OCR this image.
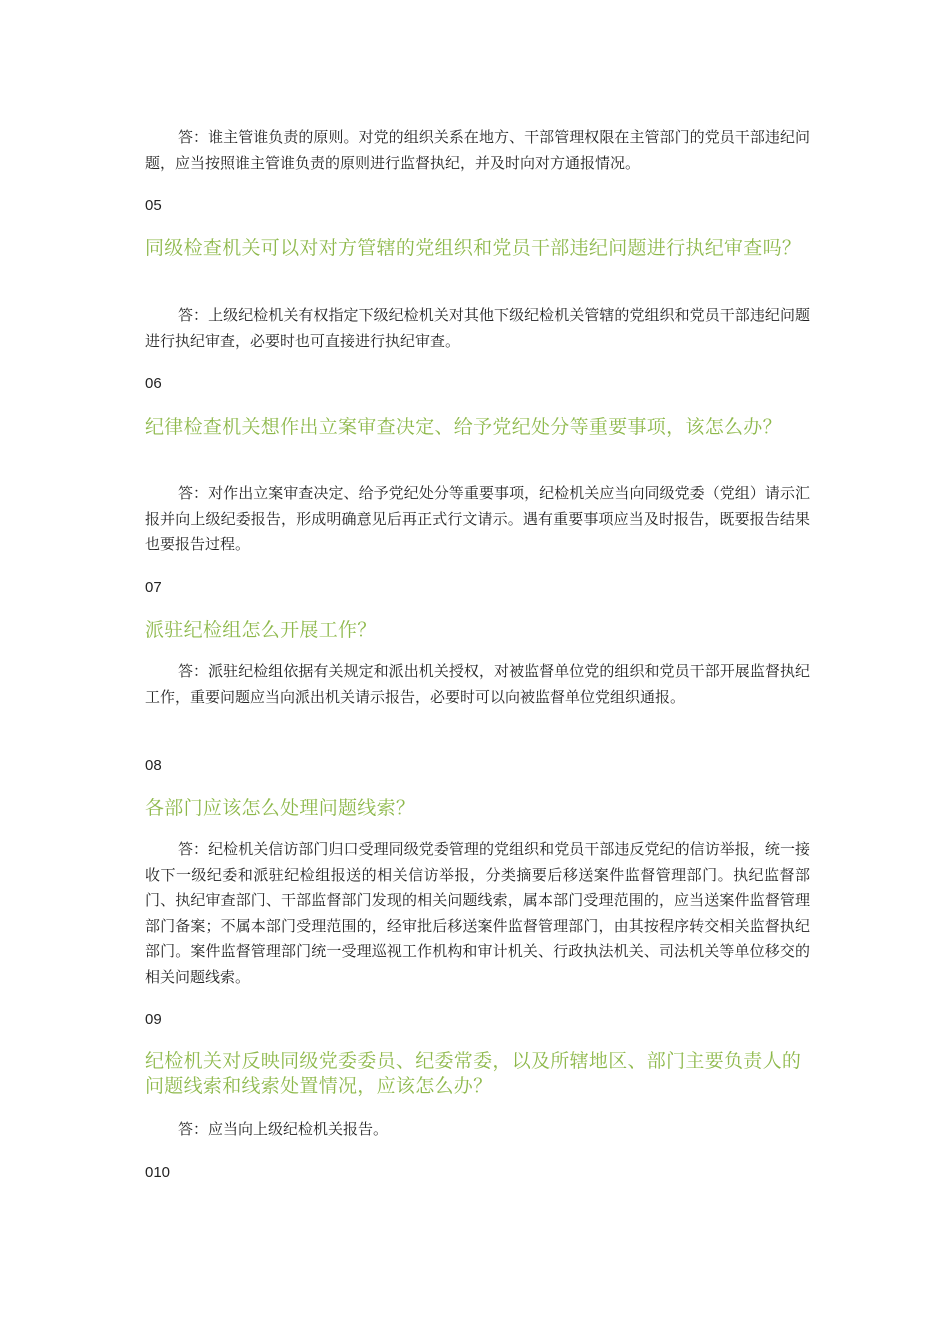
答：谁主管谁负责的原则。对党的组织关系在地方、干部管理权限在主管部门的党员干部违纪问题，应当按照谁主管谁负责的原则进行监督执纪，并及时向对方通报情况。

05

同级检查机关可以对对方管辖的党组织和党员干部违纪问题进行执纪审查吗？

答：上级纪检机关有权指定下级纪检机关对其他下级纪检机关管辖的党组织和党员干部违纪问题进行执纪审查，必要时也可直接进行执纪审查。

06

纪律检查机关想作出立案审查决定、给予党纪处分等重要事项，该怎么办？

答：对作出立案审查决定、给予党纪处分等重要事项，纪检机关应当向同级党委（党组）请示汇报并向上级纪委报告，形成明确意见后再正式行文请示。遇有重要事项应当及时报告，既要报告结果也要报告过程。

07

派驻纪检组怎么开展工作？

答：派驻纪检组依据有关规定和派出机关授权，对被监督单位党的组织和党员干部开展监督执纪工作，重要问题应当向派出机关请示报告，必要时可以向被监督单位党组织通报。

08

各部门应该怎么处理问题线索？

答：纪检机关信访部门归口受理同级党委管理的党组织和党员干部违反党纪的信访举报，统一接收下一级纪委和派驻纪检组报送的相关信访举报，分类摘要后移送案件监督管理部门。执纪监督部门、执纪审查部门、干部监督部门发现的相关问题线索，属本部门受理范围的，应当送案件监督管理部门备案；不属本部门受理范围的，经审批后移送案件监督管理部门，由其按程序转交相关监督执纪部门。案件监督管理部门统一受理巡视工作机构和审计机关、行政执法机关、司法机关等单位移交的相关问题线索。

09

纪检机关对反映同级党委委员、纪委常委，以及所辖地区、部门主要负责人的问题线索和线索处置情况，应该怎么办？

答：应当向上级纪检机关报告。

010
